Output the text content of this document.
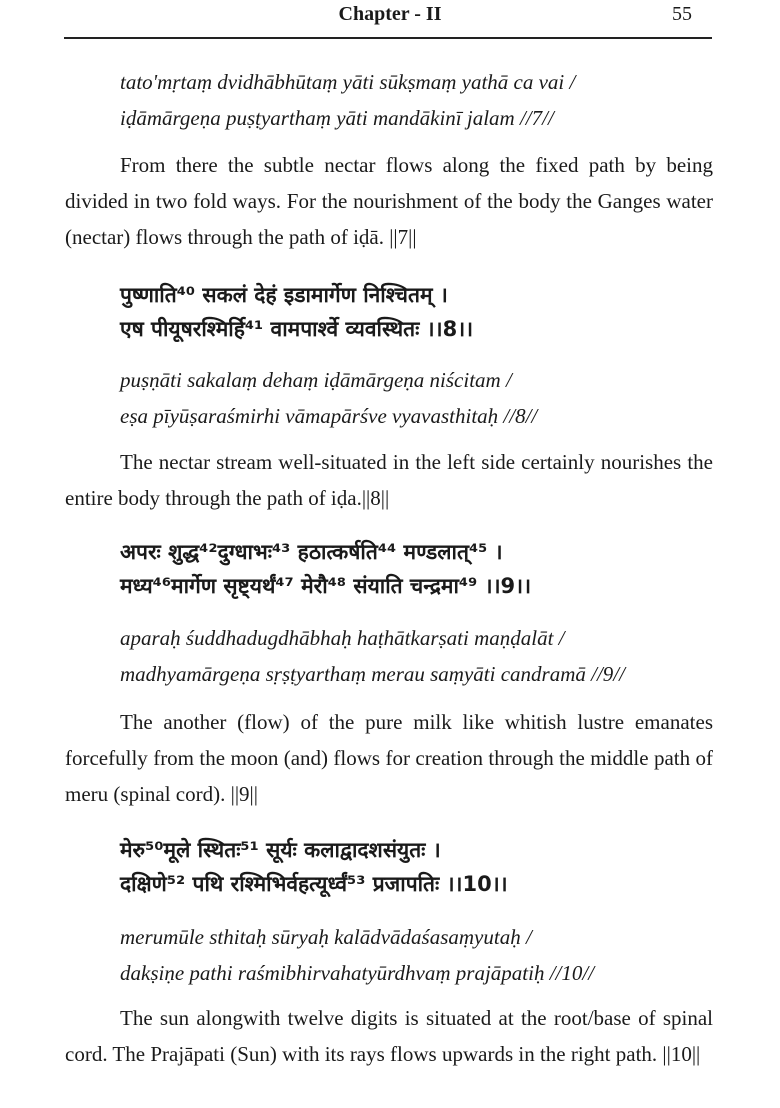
Chapter - II	55
tato'mṛtaṃ dvidhābhūtaṃ yāti sūkṣmaṃ yathā ca vai /
iḍāmārgeṇa puṣṭyarthaṃ yāti mandākinī jalam //7//

From there the subtle nectar flows along the fixed path by being divided in two fold ways. For the nourishment of the body the Ganges water (nectar) flows through the path of iḍā. ||7||

पुष्णाति⁴⁰ सकलं देहं इडामार्गेण निश्चितम् ।
एष पीयूषरश्मिर्हि⁴¹ वामपार्श्वे व्यवस्थितः ।।8।।
puṣṇāti sakalaṃ dehaṃ iḍāmārgeṇa niścitam /
eṣa pīyūṣaraśmirhi vāmapārśve vyavasthitaḥ //8//

The nectar stream well-situated in the left side certainly nourishes the entire body through the path of iḍa.||8||

अपरः शुद्ध⁴²दुग्धाभः⁴³ हठात्कर्षति⁴⁴ मण्डलात्⁴⁵ ।
मध्य⁴⁶मार्गेण सृष्ट्यर्थं⁴⁷ मेरौ⁴⁸ संयाति चन्द्रमा⁴⁹ ।।9।।
aparaḥ śuddhadugdhābhaḥ haṭhātkarṣati maṇḍalāt /
madhyamārgeṇa sṛṣṭyarthaṃ merau saṃyāti candramā //9//

The another (flow) of the pure milk like whitish lustre emanates forcefully from the moon (and) flows for creation through the middle path of meru (spinal cord). ||9||

मेरु⁵⁰मूले स्थितः⁵¹ सूर्यः कलाद्वादशसंयुतः ।
दक्षिणे⁵² पथि रश्मिभिर्वहत्यूर्ध्वं⁵³ प्रजापतिः ।।10।।
merumūle sthitaḥ sūryaḥ kalādvādaśasaṃyutaḥ /
dakṣiṇe pathi raśmibhirvahatyūrdhvaṃ prajāpatiḥ //10//

The sun alongwith twelve digits is situated at the root/base of spinal cord. The Prajāpati (Sun) with its rays flows upwards in the right path. ||10||
